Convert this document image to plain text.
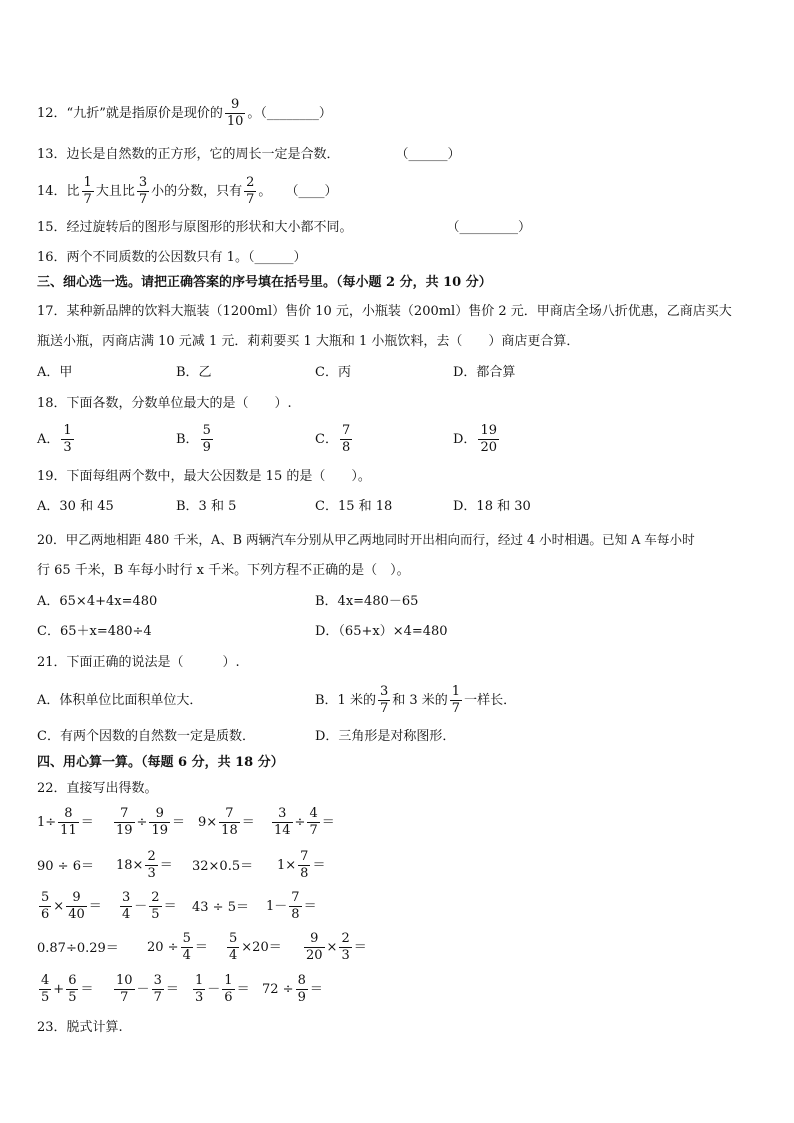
12．“九折”就是指原价是现价的 $\frac{9}{10}$ 。（________）
13．边长是自然数的正方形，它的周长一定是合数．	（______）
14．比 $\frac{1}{7}$ 大且比 $\frac{3}{7}$ 小的分数，只有 $\frac{2}{7}$ 。 （____）
15．经过旋转后的图形与原图形的形状和大小都不同。	（_________）
16．两个不同质数的公因数只有 1。（______）
三、细心选一选。请把正确答案的序号填在括号里。（每小题 2 分，共 10 分）
17．某种新品牌的饮料大瓶装（1200ml）售价 10 元，小瓶装（200ml）售价 2 元．甲商店全场八折优惠，乙商店买大
瓶送小瓶，丙商店满 10 元减 1 元．莉莉要买 1 大瓶和 1 小瓶饮料，去（　　）商店更合算．
A．甲	B．乙	C．丙	D．都合算
18．下面各数，分数单位最大的是（　　）.
A． $\frac{1}{3}$	B． $\frac{5}{9}$	C． $\frac{7}{8}$	D． $\frac{19}{20}$
19．下面每组两个数中，最大公因数是 15 的是（　　）。
A．30 和 45	B．3 和 5	C．15 和 18	D．18 和 30
20．甲乙两地相距 480 千米，A、B 两辆汽车分别从甲乙两地同时开出相向而行，经过 4 小时相遇。已知 A 车每小时
行 65 千米，B 车每小时行 x 千米。下列方程不正确的是（　）。
A．65×4+4x=480	B．4x=480－65
C．65＋x=480÷4	D．（65+x）×4=480
21．下面正确的说法是（　　　）.
A．体积单位比面积单位大．	B．1 米的 $\frac{3}{7}$ 和 3 米的 $\frac{1}{7}$ 一样长．
C．有两个因数的自然数一定是质数．	D．三角形是对称图形．
四、用心算一算。（每题 6 分，共 18 分）
22．直接写出得数。
$1\div \frac{8}{11} = \frac{7}{19} \div \frac{9}{19} = 9\times \frac{7}{18} = \frac{3}{14} \div \frac{4}{7}$ ＝
$90 \div 6= 18\times \frac{2}{3} = 32\times 0.5= 1\times \frac{7}{8}$ ＝
$\frac{5}{6} \times \frac{9}{40} = \frac{3}{4} - \frac{2}{5} = 43 \div 5= 1- \frac{7}{8}$ ＝
$0.87\div 0.29= 20 \div \frac{5}{4} = \frac{5}{4} \times 20= \frac{9}{20} \times \frac{2}{3}$ ＝
$\frac{4}{5} + \frac{6}{5} = \frac{10}{7} - \frac{3}{7} = \frac{1}{3} - \frac{1}{6} = 72 \div \frac{8}{9}$ ＝
23．脱式计算.
